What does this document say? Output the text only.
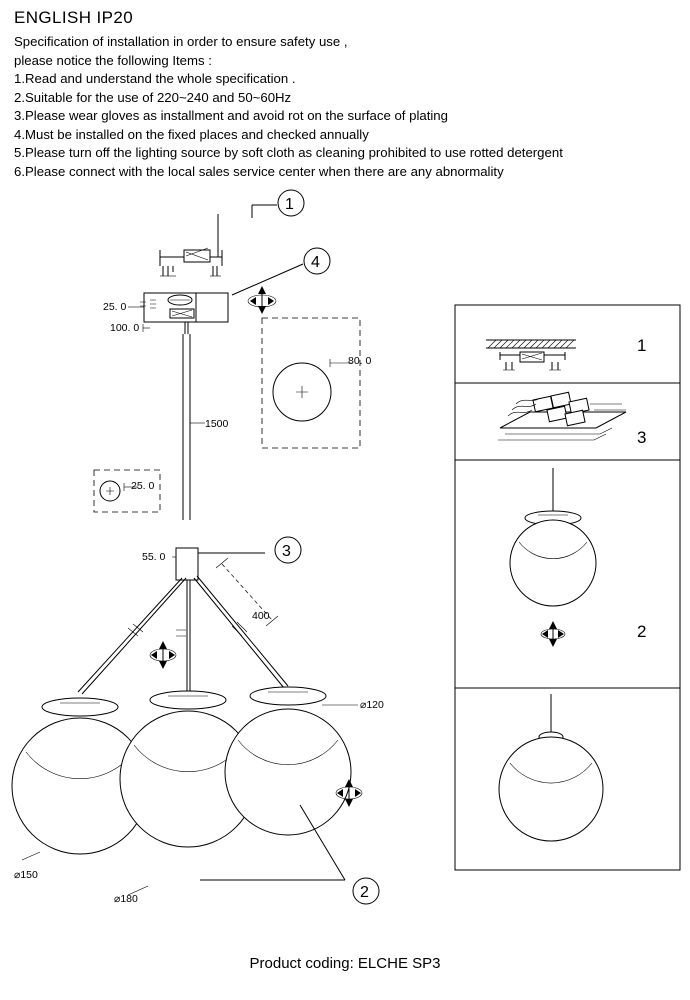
ENGLISH IP20
Specification of installation in order to ensure safety use ,
please notice the following Items :
1.Read and understand the whole specification .
2.Suitable for the use of 220~240 and 50~60Hz
3.Please wear gloves as installment and avoid rot on the surface of plating
4.Must be installed on the fixed places and checked annually
5.Please turn off the lighting source by soft cloth as cleaning prohibited to use rotted detergent
6.Please connect with the local sales service center when there are any abnormality
1
25. 0
100. 0
4
80. 0
1500
25. 0
55. 0	3
400
⌀120
⌀150
⌀180	2
1
3
2
Product coding: ELCHE SP3
